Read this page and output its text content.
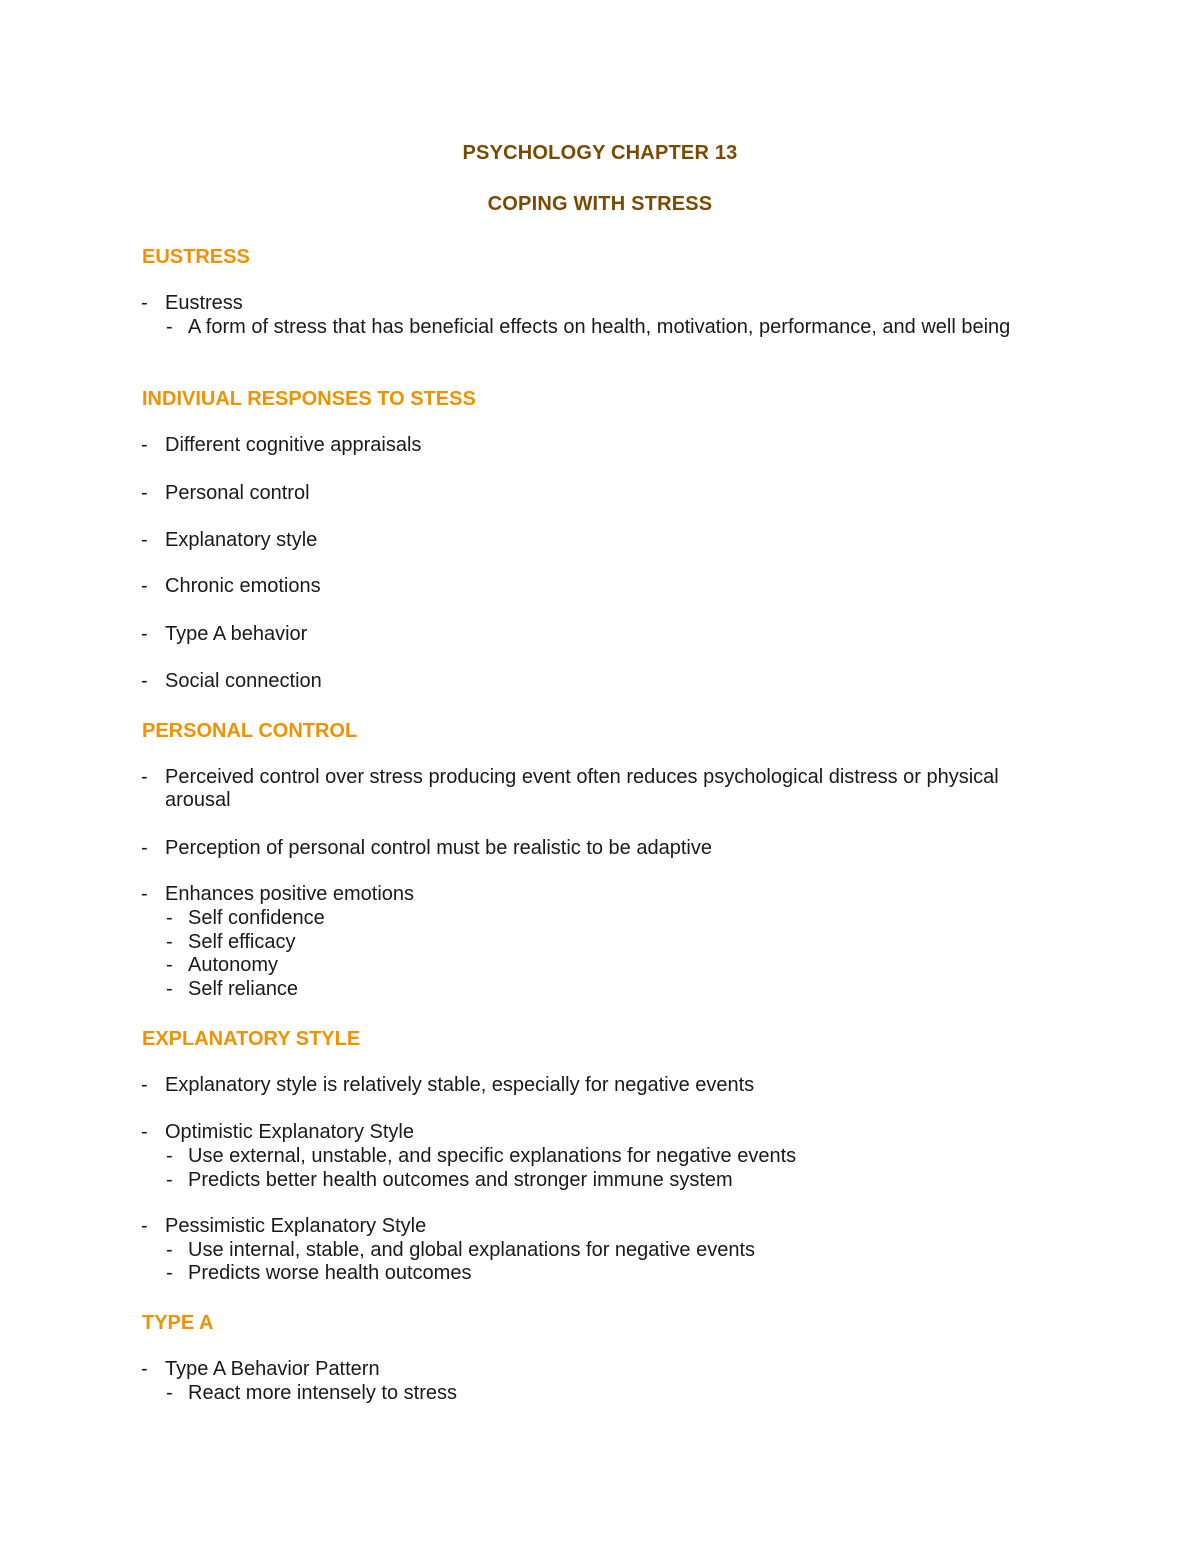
PSYCHOLOGY CHAPTER 13
COPING WITH STRESS
EUSTRESS
- Eustress
- A form of stress that has beneficial effects on health, motivation, performance, and well being
INDIVIUAL RESPONSES TO STESS
- Different cognitive appraisals
- Personal control
- Explanatory style
- Chronic emotions
- Type A behavior
- Social connection
PERSONAL CONTROL
- Perceived control over stress producing event often reduces psychological distress or physical arousal
- Perception of personal control must be realistic to be adaptive
- Enhances positive emotions
- Self confidence
- Self efficacy
- Autonomy
- Self reliance
EXPLANATORY STYLE
- Explanatory style is relatively stable, especially for negative events
- Optimistic Explanatory Style
- Use external, unstable, and specific explanations for negative events
- Predicts better health outcomes and stronger immune system
- Pessimistic Explanatory Style
- Use internal, stable, and global explanations for negative events
- Predicts worse health outcomes
TYPE A
- Type A Behavior Pattern
- React more intensely to stress
